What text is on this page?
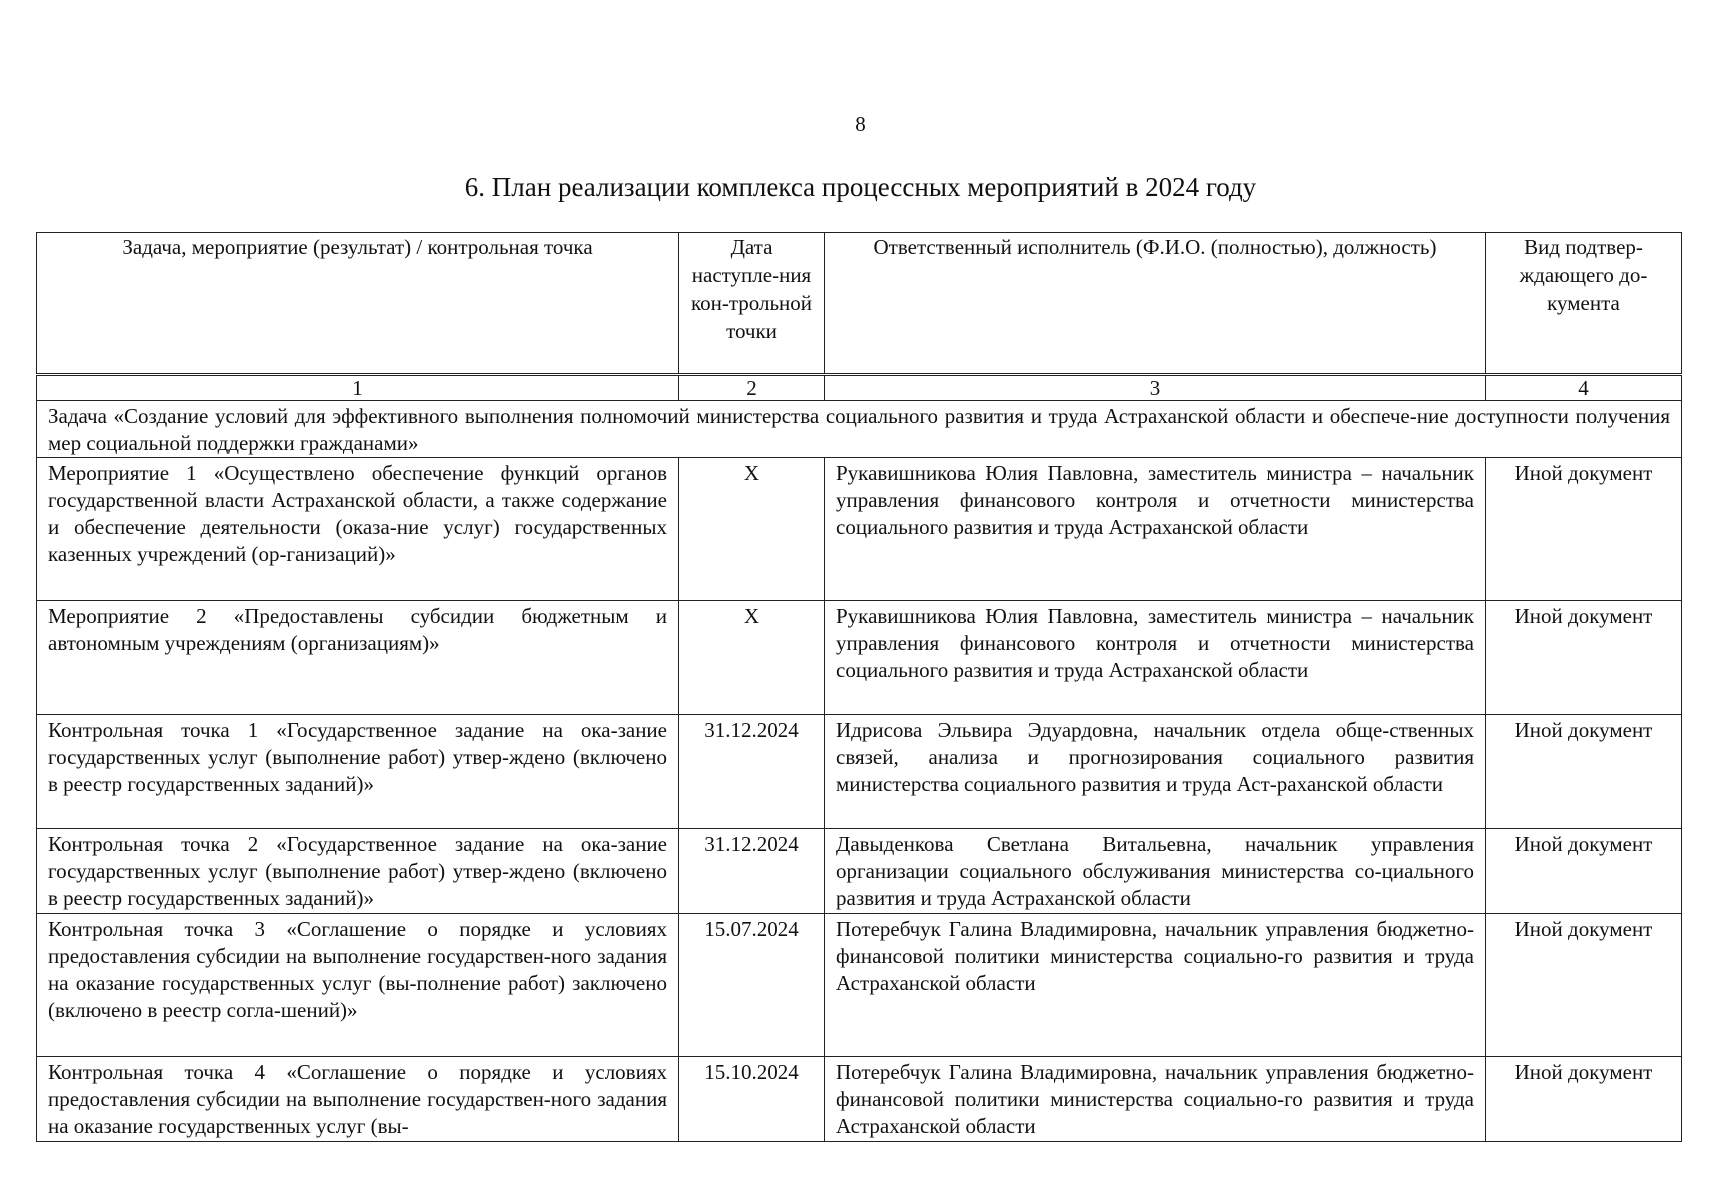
8
6. План реализации комплекса процессных мероприятий в 2024 году
Задача, мероприятие (результат) / контрольная точка	Дата наступле-ния кон-трольной точки	Ответственный исполнитель (Ф.И.О. (полностью), должность)	Вид подтвер-ждающего до-кумента
1	2	3	4
Задача «Создание условий для эффективного выполнения полномочий министерства социального развития и труда Астраханской области и обеспече-ние доступности получения мер социальной поддержки гражданами»			
Мероприятие 1 «Осуществлено обеспечение функций органов государственной власти Астраханской области, а также содержание и обеспечение деятельности (оказа-ние услуг) государственных казенных учреждений (ор-ганизаций)»	X	Рукавишникова Юлия Павловна, заместитель министра – начальник управления финансового контроля и отчетности министерства социального развития и труда Астраханской области	Иной документ
Мероприятие 2 «Предоставлены субсидии бюджетным и автономным учреждениям (организациям)»	X	Рукавишникова Юлия Павловна, заместитель министра – начальник управления финансового контроля и отчетности министерства социального развития и труда Астраханской области	Иной документ
Контрольная точка 1 «Государственное задание на ока-зание государственных услуг (выполнение работ) утвер-ждено (включено в реестр государственных заданий)»	31.12.2024	Идрисова Эльвира Эдуардовна, начальник отдела обще-ственных связей, анализа и прогнозирования социального развития министерства социального развития и труда Аст-раханской области	Иной документ
Контрольная точка 2 «Государственное задание на ока-зание государственных услуг (выполнение работ) утвер-ждено (включено в реестр государственных заданий)»	31.12.2024	Давыденкова Светлана Витальевна, начальник управления организации социального обслуживания министерства со-циального развития и труда Астраханской области	Иной документ
Контрольная точка 3 «Соглашение о порядке и условиях предоставления субсидии на выполнение государствен-ного задания на оказание государственных услуг (вы-полнение работ) заключено (включено в реестр согла-шений)»	15.07.2024	Потеребчук Галина Владимировна, начальник управления бюджетно-финансовой политики министерства социально-го развития и труда Астраханской области	Иной документ
Контрольная точка 4 «Соглашение о порядке и условиях предоставления субсидии на выполнение государствен-ного задания на оказание государственных услуг (вы-	15.10.2024	Потеребчук Галина Владимировна, начальник управления бюджетно-финансовой политики министерства социально-го развития и труда Астраханской области	Иной документ
